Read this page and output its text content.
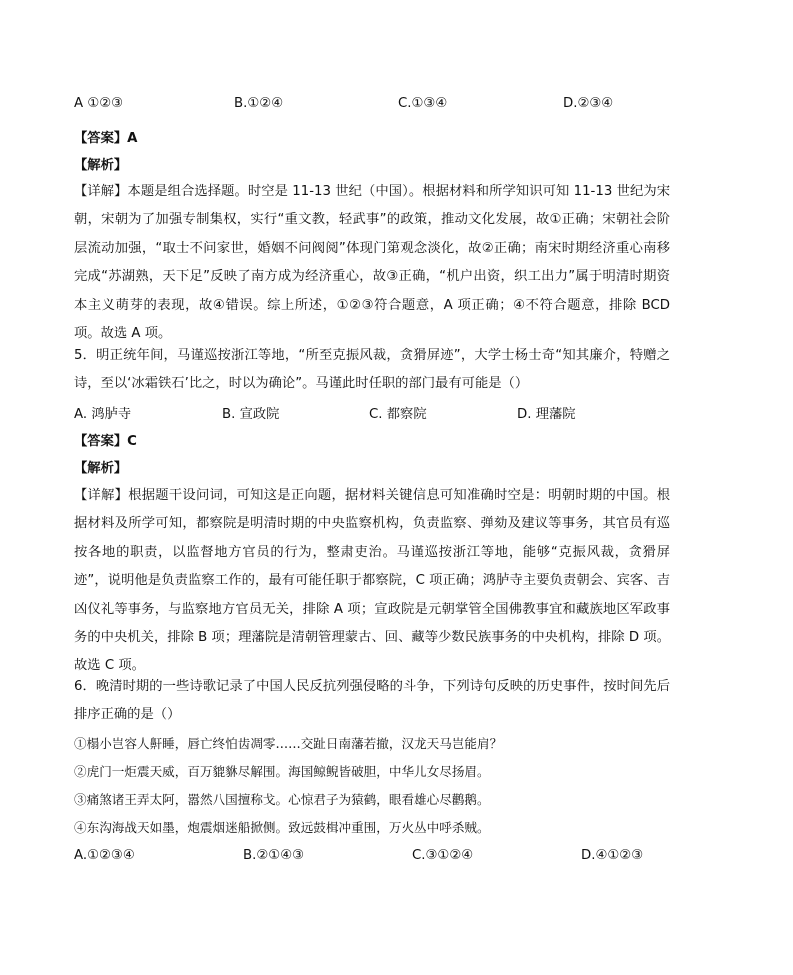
A ①②③	B.①②④	C.①③④	D.②③④
【答案】A
【解析】
【详解】本题是组合选择题。时空是 11-13 世纪（中国）。根据材料和所学知识可知 11-13 世纪为宋朝，宋朝为了加强专制集权，实行“重文教，轻武事”的政策，推动文化发展，故①正确；宋朝社会阶层流动加强，“取士不问家世，婚姻不问阀阅”体现门第观念淡化，故②正确；南宋时期经济重心南移完成“苏湖熟，天下足”反映了南方成为经济重心，故③正确，“机户出资，织工出力”属于明清时期资本主义萌芽的表现，故④错误。综上所述，①②③符合题意，A 项正确；④不符合题意，排除 BCD 项。故选 A 项。
5．明正统年间，马谨巡按浙江等地，“所至克振风裁，贪猾屏迹”，大学士杨士奇“知其廉介，特赠之诗，至以‘冰霜铁石’比之，时以为确论”。马谨此时任职的部门最有可能是（）
A. 鸿胪寺	B. 宣政院	C. 都察院	D. 理藩院
【答案】C
【解析】
【详解】根据题干设问词，可知这是正向题，据材料关键信息可知准确时空是：明朝时期的中国。根据材料及所学可知，都察院是明清时期的中央监察机构，负责监察、弹劾及建议等事务，其官员有巡按各地的职责，以监督地方官员的行为，整肃吏治。马谨巡按浙江等地，能够“克振风裁，贪猾屏迹”，说明他是负责监察工作的，最有可能任职于都察院，C 项正确；鸿胪寺主要负责朝会、宾客、吉凶仪礼等事务，与监察地方官员无关，排除 A 项；宣政院是元朝掌管全国佛教事宜和藏族地区军政事务的中央机关，排除 B 项；理藩院是清朝管理蒙古、回、藏等少数民族事务的中央机构，排除 D 项。故选 C 项。
6．晚清时期的一些诗歌记录了中国人民反抗列强侵略的斗争，下列诗句反映的历史事件，按时间先后排序正确的是（）
①榻小岂容人鼾睡，唇亡终怕齿凋零……交趾日南藩若撤，汉龙天马岂能肩？
②虎门一炬震天威，百万貔貅尽解围。海国鲸鲵皆破胆，中华儿女尽扬眉。
③痛煞诸王弄太阿，嚣然八国擅称戈。心惊君子为猿鹤，眼看雄心尽鹳鹅。
④东沟海战天如墨，炮震烟迷船掀侧。致远鼓楫冲重围，万火丛中呼杀贼。
A.①②③④	B.②①④③	C.③①②④	D.④①②③
